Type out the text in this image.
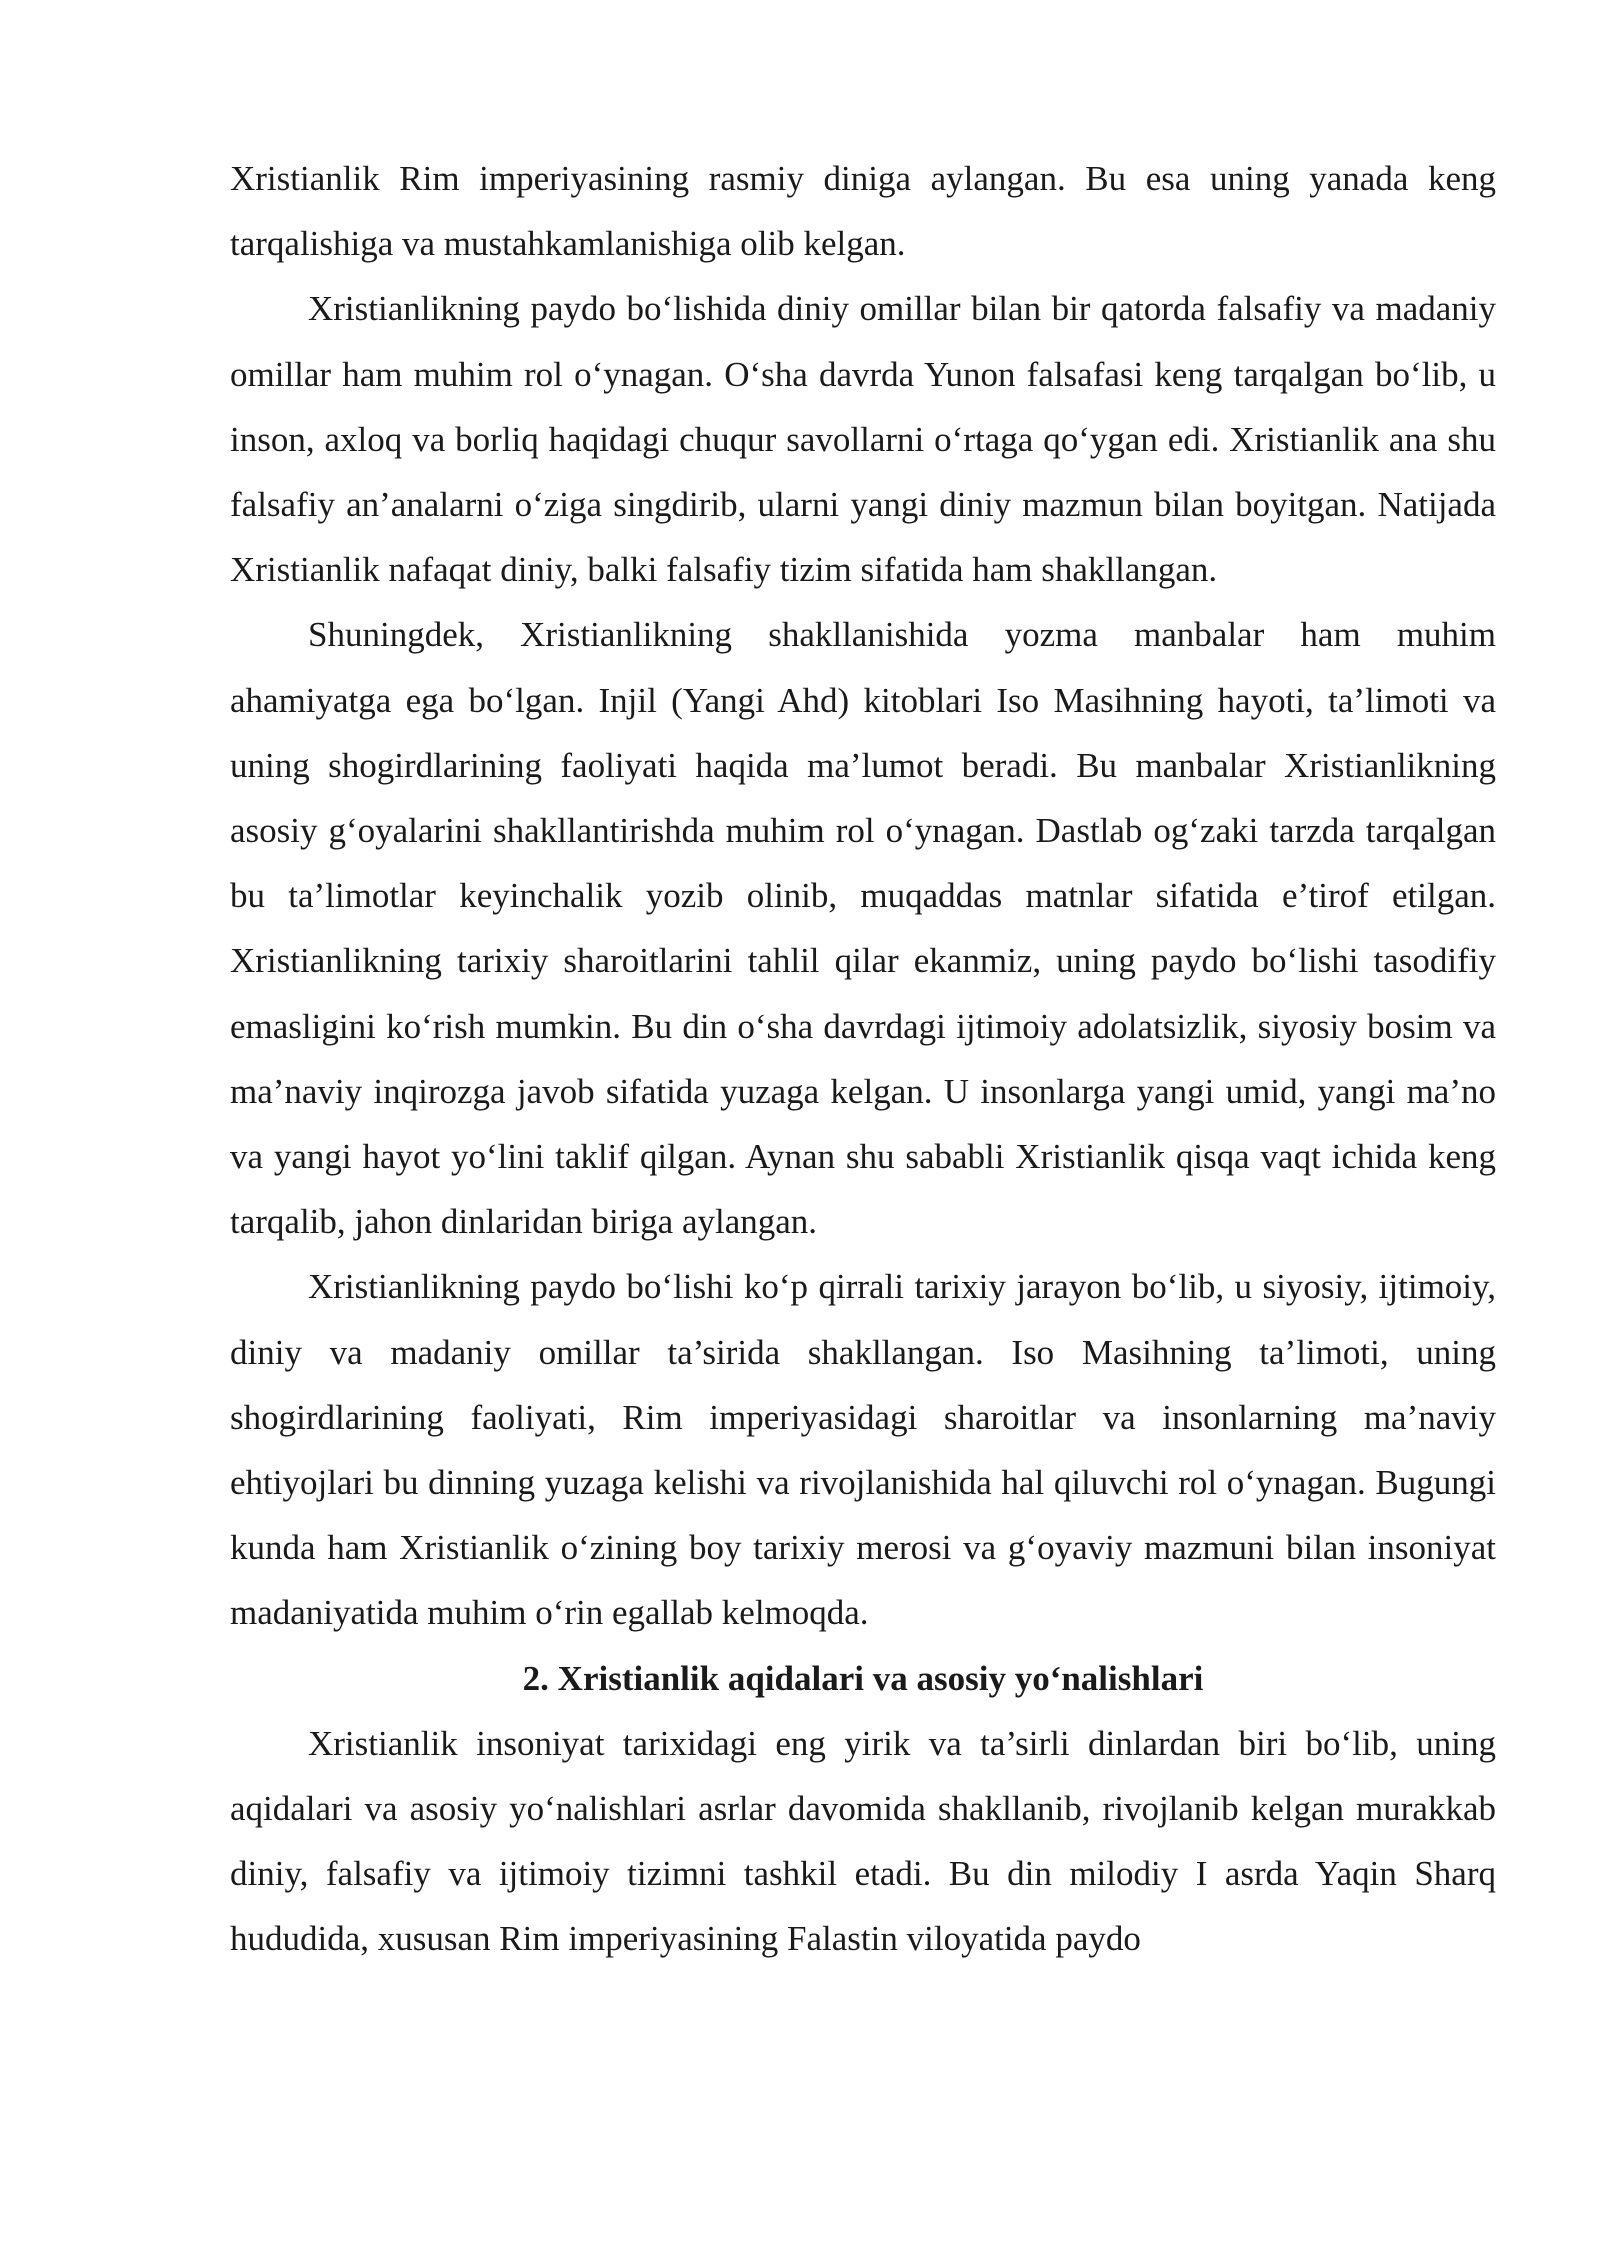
Xristianlik Rim imperiyasining rasmiy diniga aylangan. Bu esa uning yanada keng tarqalishiga va mustahkamlanishiga olib kelgan.

Xristianlikning paydo bo‘lishida diniy omillar bilan bir qatorda falsafiy va madaniy omillar ham muhim rol o‘ynagan. O‘sha davrda Yunon falsafasi keng tarqalgan bo‘lib, u inson, axloq va borliq haqidagi chuqur savollarni o‘rtaga qo‘ygan edi. Xristianlik ana shu falsafiy an’analarni o‘ziga singdirib, ularni yangi diniy mazmun bilan boyitgan. Natijada Xristianlik nafaqat diniy, balki falsafiy tizim sifatida ham shakllangan.

Shuningdek, Xristianlikning shakllanishida yozma manbalar ham muhim ahamiyatga ega bo‘lgan. Injil (Yangi Ahd) kitoblari Iso Masihning hayoti, ta’limoti va uning shogirdlarining faoliyati haqida ma’lumot beradi. Bu manbalar Xristianlikning asosiy g‘oyalarini shakllantirishda muhim rol o‘ynagan. Dastlab og‘zaki tarzda tarqalgan bu ta’limotlar keyinchalik yozib olinib, muqaddas matnlar sifatida e’tirof etilgan. Xristianlikning tarixiy sharoitlarini tahlil qilar ekanmiz, uning paydo bo‘lishi tasodifiy emasligini ko‘rish mumkin. Bu din o‘sha davrdagi ijtimoiy adolatsizlik, siyosiy bosim va ma’naviy inqirozga javob sifatida yuzaga kelgan. U insonlarga yangi umid, yangi ma’no va yangi hayot yo‘lini taklif qilgan. Aynan shu sababli Xristianlik qisqa vaqt ichida keng tarqalib, jahon dinlaridan biriga aylangan.

Xristianlikning paydo bo‘lishi ko‘p qirrali tarixiy jarayon bo‘lib, u siyosiy, ijtimoiy, diniy va madaniy omillar ta’sirida shakllangan. Iso Masihning ta’limoti, uning shogirdlarining faoliyati, Rim imperiyasidagi sharoitlar va insonlarning ma’naviy ehtiyojlari bu dinning yuzaga kelishi va rivojlanishida hal qiluvchi rol o‘ynagan. Bugungi kunda ham Xristianlik o‘zining boy tarixiy merosi va g‘oyaviy mazmuni bilan insoniyat madaniyatida muhim o‘rin egallab kelmoqda.

2. Xristianlik aqidalari va asosiy yo‘nalishlari

Xristianlik insoniyat tarixidagi eng yirik va ta’sirli dinlardan biri bo‘lib, uning aqidalari va asosiy yo‘nalishlari asrlar davomida shakllanib, rivojlanib kelgan murakkab diniy, falsafiy va ijtimoiy tizimni tashkil etadi. Bu din milodiy I asrda Yaqin Sharq hududida, xususan Rim imperiyasining Falastin viloyatida paydo
